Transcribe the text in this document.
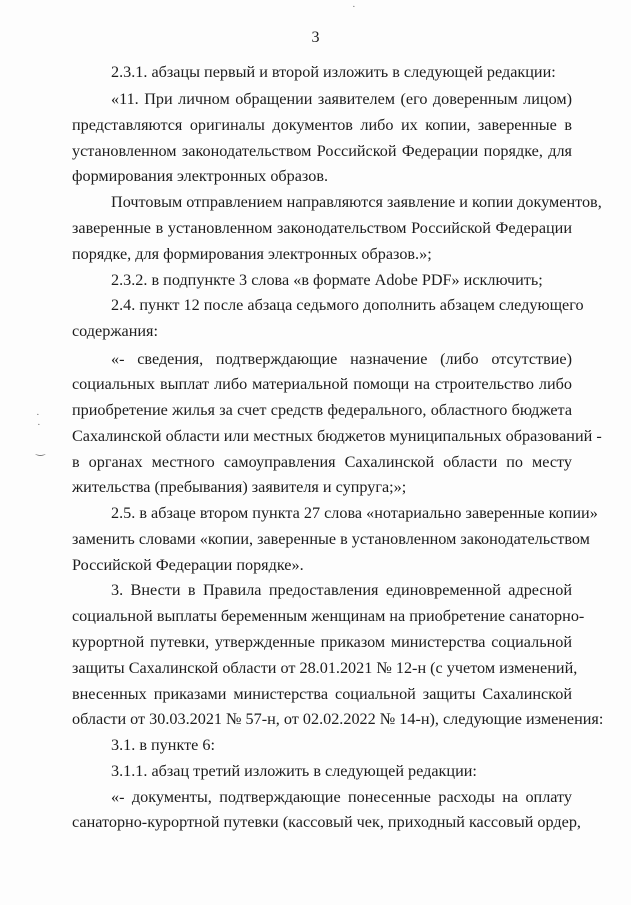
3
2.3.1. абзацы первый и второй изложить в следующей редакции:
«11. При личном обращении заявителем (его доверенным лицом)
представляются оригиналы документов либо их копии, заверенные в
установленном законодательством Российской Федерации порядке, для
формирования электронных образов.
Почтовым отправлением направляются заявление и копии документов,
заверенные в установленном законодательством Российской Федерации
порядке, для формирования электронных образов.»;
2.3.2. в подпункте 3 слова «в формате Adobe PDF» исключить;
2.4. пункт 12 после абзаца седьмого дополнить абзацем следующего
содержания:
«- сведения, подтверждающие назначение (либо отсутствие)
социальных выплат либо материальной помощи на строительство либо
приобретение жилья за счет средств федерального, областного бюджета
Сахалинской области или местных бюджетов муниципальных образований -
в органах местного самоуправления Сахалинской области по месту
жительства (пребывания) заявителя и супруга;»;
2.5. в абзаце втором пункта 27 слова «нотариально заверенные копии»
заменить словами «копии, заверенные в установленном законодательством
Российской Федерации порядке».
3. Внести в Правила предоставления единовременной адресной
социальной выплаты беременным женщинам на приобретение санаторно-
курортной путевки, утвержденные приказом министерства социальной
защиты Сахалинской области от 28.01.2021 № 12-н (с учетом изменений,
внесенных приказами министерства социальной защиты Сахалинской
области от 30.03.2021 № 57-н, от 02.02.2022 № 14-н), следующие изменения:
3.1. в пункте 6:
3.1.1. абзац третий изложить в следующей редакции:
«- документы, подтверждающие понесенные расходы на оплату
санаторно-курортной путевки (кассовый чек, приходный кассовый ордер,
·
·
‿
·
